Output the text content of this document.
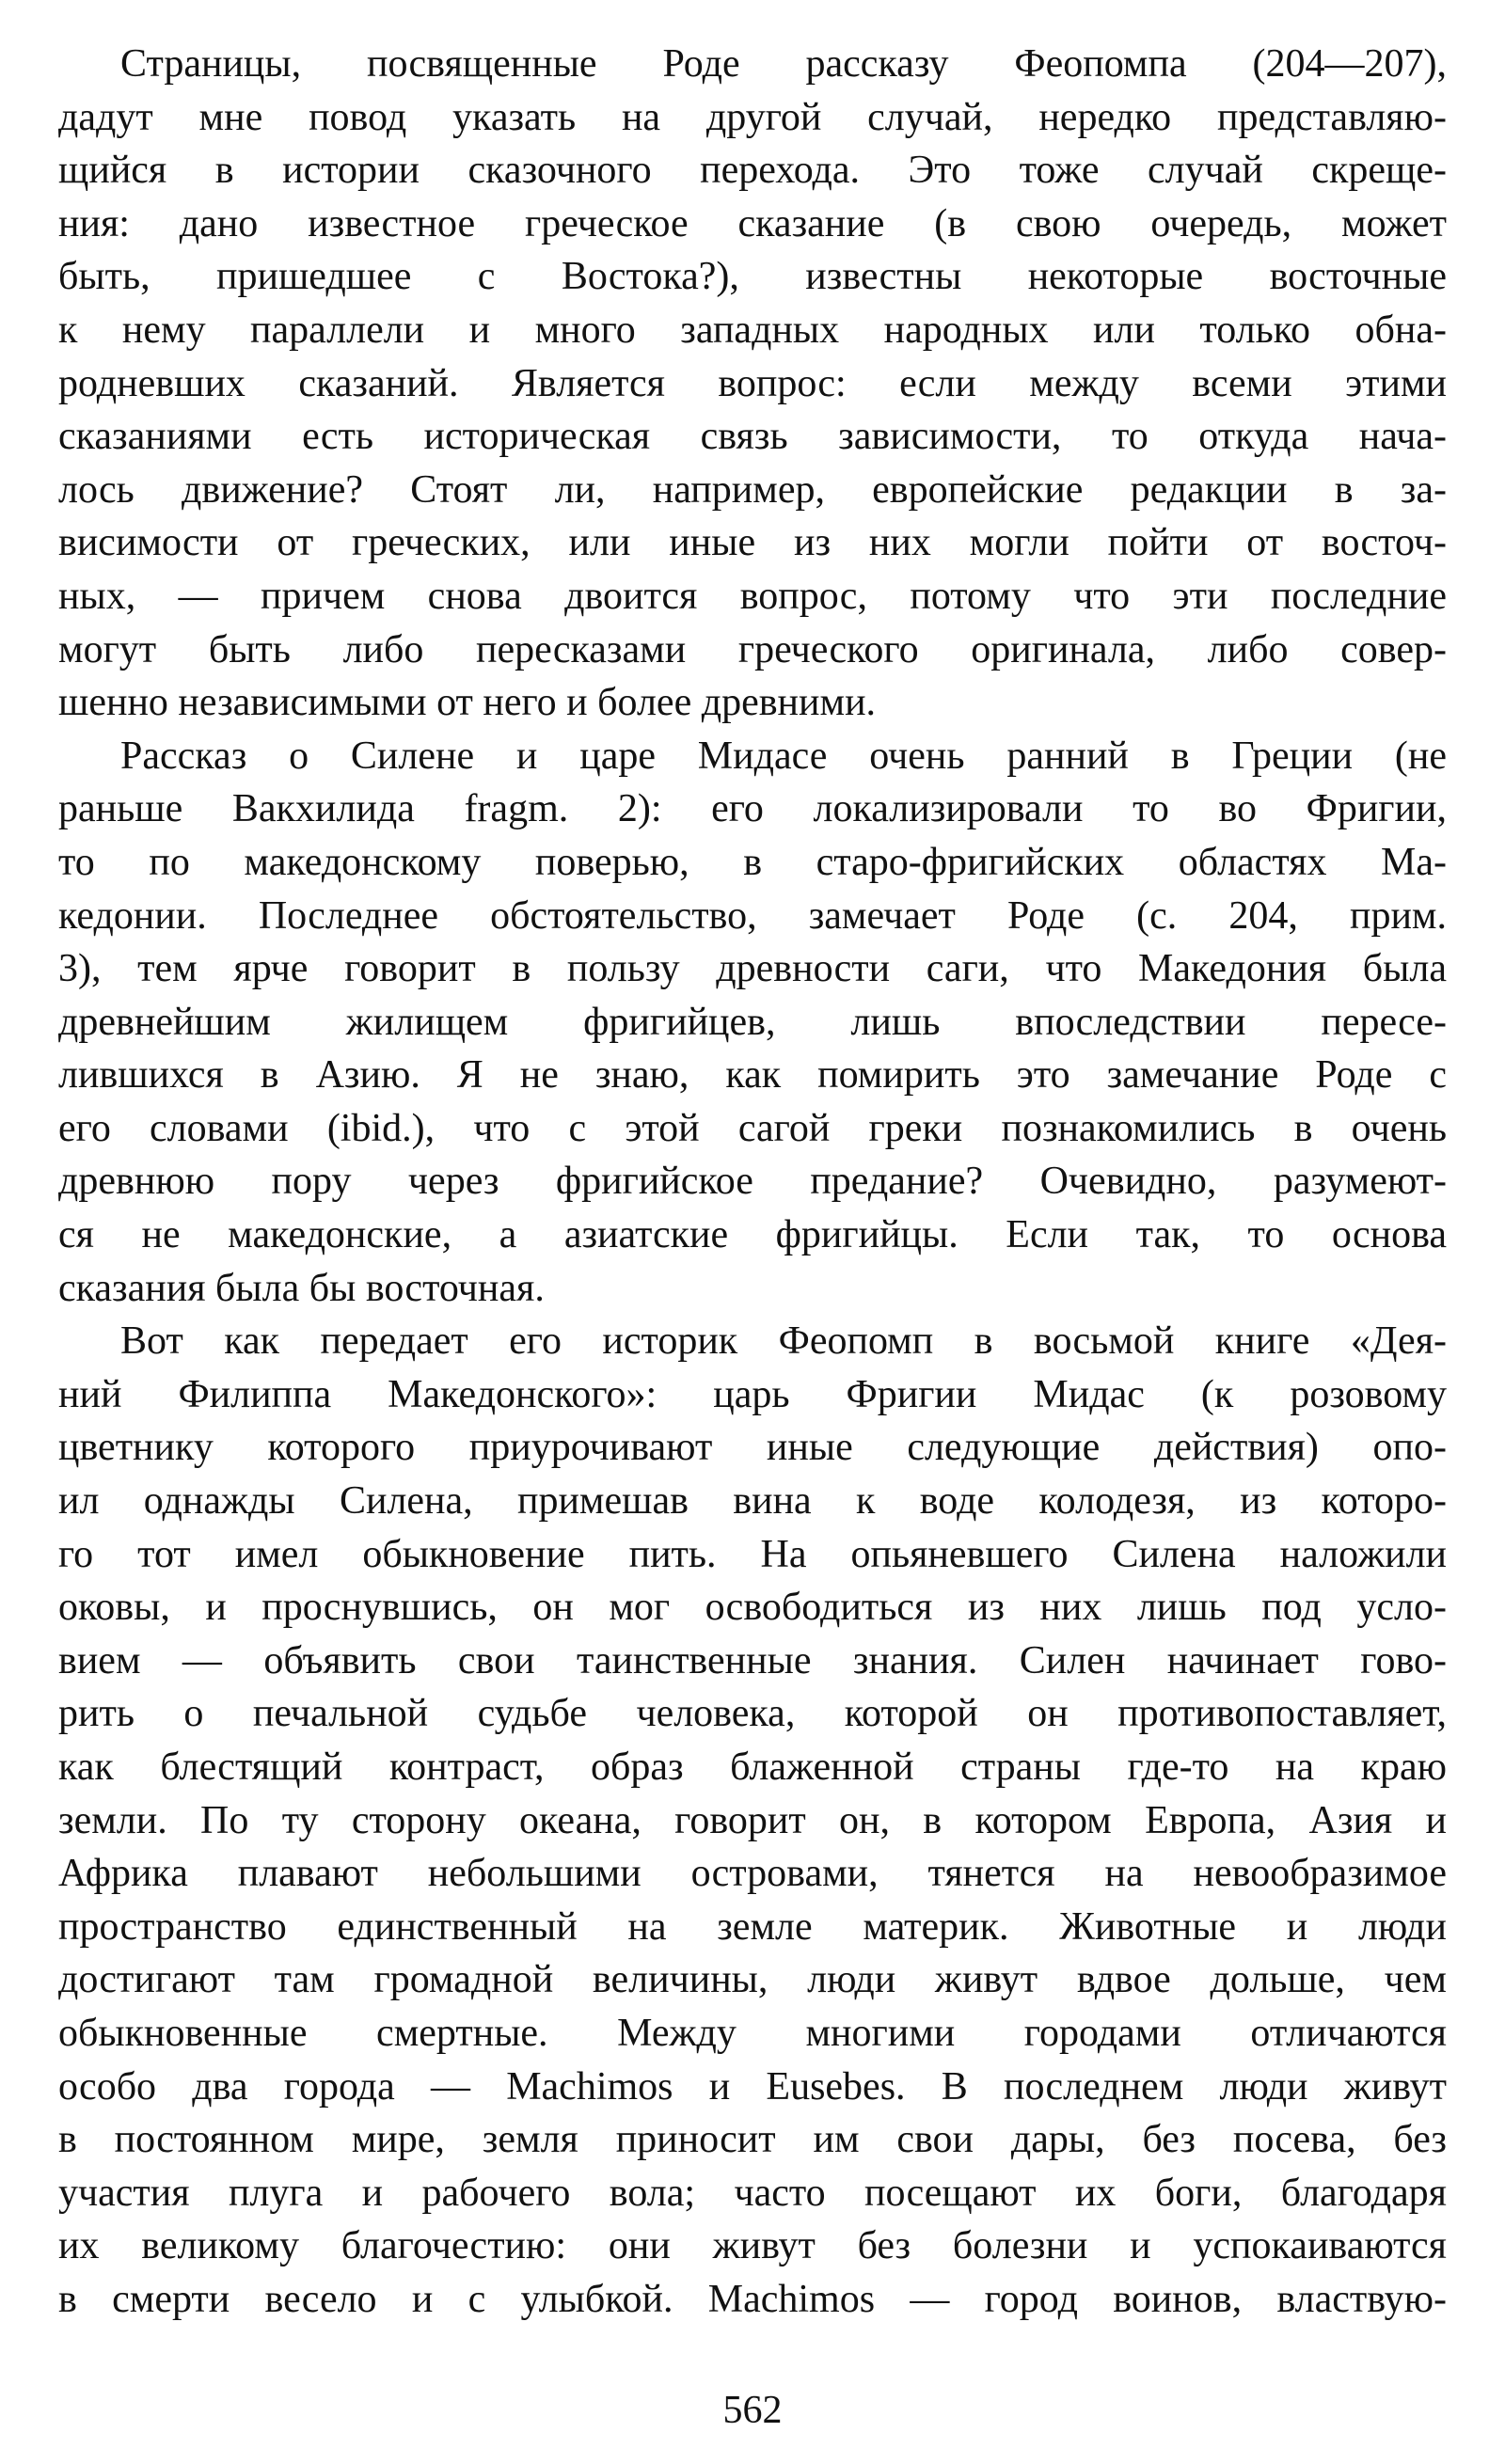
Страницы, посвященные Роде рассказу Феопомпа (204—207),
дадут мне повод указать на другой случай, нередко представляю-
щийся в истории сказочного перехода. Это тоже случай скреще-
ния: дано известное греческое сказание (в свою очередь, может
быть, пришедшее с Востока?), известны некоторые восточные
к нему параллели и много западных народных или только обна-
родневших сказаний. Является вопрос: если между всеми этими
сказаниями есть историческая связь зависимости, то откуда нача-
лось движение? Стоят ли, например, европейские редакции в за-
висимости от греческих, или иные из них могли пойти от восточ-
ных, — причем снова двоится вопрос, потому что эти последние
могут быть либо пересказами греческого оригинала, либо совер-
шенно независимыми от него и более древними.
Рассказ о Силене и царе Мидасе очень ранний в Греции (не
раньше Вакхилида fragm. 2): его локализировали то во Фригии,
то по македонскому поверью, в старо-фригийских областях Ма-
кедонии. Последнее обстоятельство, замечает Роде (с. 204, прим.
3), тем ярче говорит в пользу древности саги, что Македония была
древнейшим жилищем фригийцев, лишь впоследствии пересе-
лившихся в Азию. Я не знаю, как помирить это замечание Роде с
его словами (ibid.), что с этой сагой греки познакомились в очень
древнюю пору через фригийское предание? Очевидно, разумеют-
ся не македонские, а азиатские фригийцы. Если так, то основа
сказания была бы восточная.
Вот как передает его историк Феопомп в восьмой книге «Дея-
ний Филиппа Македонского»: царь Фригии Мидас (к розовому
цветнику которого приурочивают иные следующие действия) опо-
ил однажды Силена, примешав вина к воде колодезя, из которо-
го тот имел обыкновение пить. На опьяневшего Силена наложили
оковы, и проснувшись, он мог освободиться из них лишь под усло-
вием — объявить свои таинственные знания. Силен начинает гово-
рить о печальной судьбе человека, которой он противопоставляет,
как блестящий контраст, образ блаженной страны где-то на краю
земли. По ту сторону океана, говорит он, в котором Европа, Азия и
Африка плавают небольшими островами, тянется на невообразимое
пространство единственный на земле материк. Животные и люди
достигают там громадной величины, люди живут вдвое дольше, чем
обыкновенные смертные. Между многими городами отличаются
особо два города — Machimos и Eusebes. В последнем люди живут
в постоянном мире, земля приносит им свои дары, без посева, без
участия плуга и рабочего вола; часто посещают их боги, благодаря
их великому благочестию: они живут без болезни и успокаиваются
в смерти весело и с улыбкой. Machimos — город воинов, властвую-
562
